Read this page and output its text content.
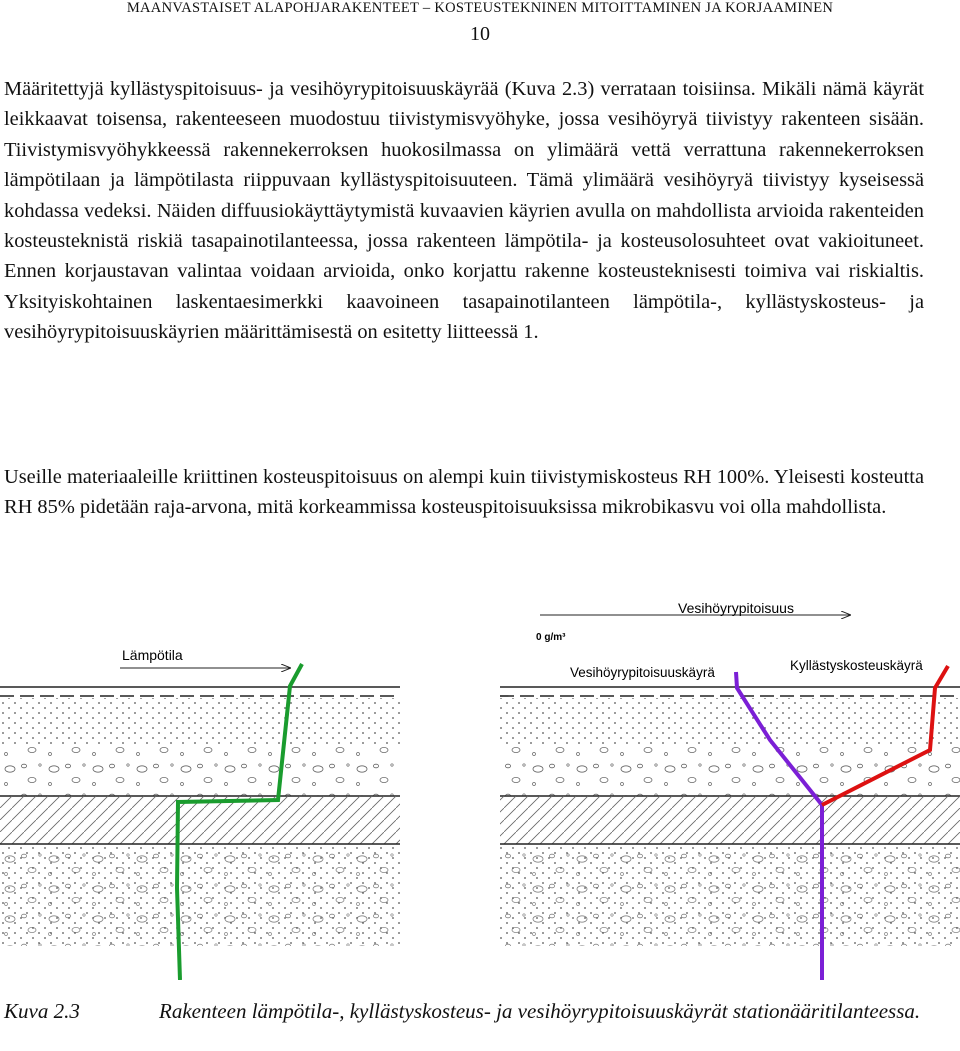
MAANVASTAISET ALAPOHJARAKENTEET – KOSTEUSTEKNINEN MITOITTAMINEN JA KORJAAMINEN
10

Määritettyjä kyllästyspitoisuus- ja vesihöyrypitoisuuskäyrää (Kuva 2.3) verrataan toisiinsa. Mikäli nämä käyrät leikkaavat toisensa, rakenteeseen muodostuu tiivistymisvyöhyke, jossa vesihöyryä tiivistyy rakenteen sisään. Tiivistymisvyöhykkeessä rakennekerroksen huokosilmassa on ylimäärä vettä verrattuna rakennekerroksen lämpötilaan ja lämpötilasta riippuvaan kyllästyspitoisuuteen. Tämä ylimäärä vesihöyryä tiivistyy kyseisessä kohdassa vedeksi. Näiden diffuusiokäyttäytymistä kuvaavien käyrien avulla on mahdollista arvioida rakenteiden kosteusteknistä riskiä tasapainotilanteessa, jossa rakenteen lämpötila- ja kosteusolosuhteet ovat vakioituneet. Ennen korjaustavan valintaa voidaan arvioida, onko korjattu rakenne kosteusteknisesti toimiva vai riskialtis. Yksityiskohtainen laskentaesimerkki kaavoineen tasapainotilanteen lämpötila-, kyllästyskosteus- ja vesihöyrypitoisuuskäyrien määrittämisestä on esitetty liitteessä 1.

Useille materiaaleille kriittinen kosteuspitoisuus on alempi kuin tiivistymiskosteus RH 100%. Yleisesti kosteutta RH 85% pidetään raja-arvona, mitä korkeammissa kosteuspitoisuuksissa mikrobikasvu voi olla mahdollista.

Lämpötila
Vesihöyrypitoisuus
0 g/m³
Vesihöyrypitoisuuskäyrä	Kyllästyskosteuskäyrä
Kuva 2.3	Rakenteen lämpötila-, kyllästyskosteus- ja vesihöyrypitoisuuskäyrät stationääritilanteessa.
